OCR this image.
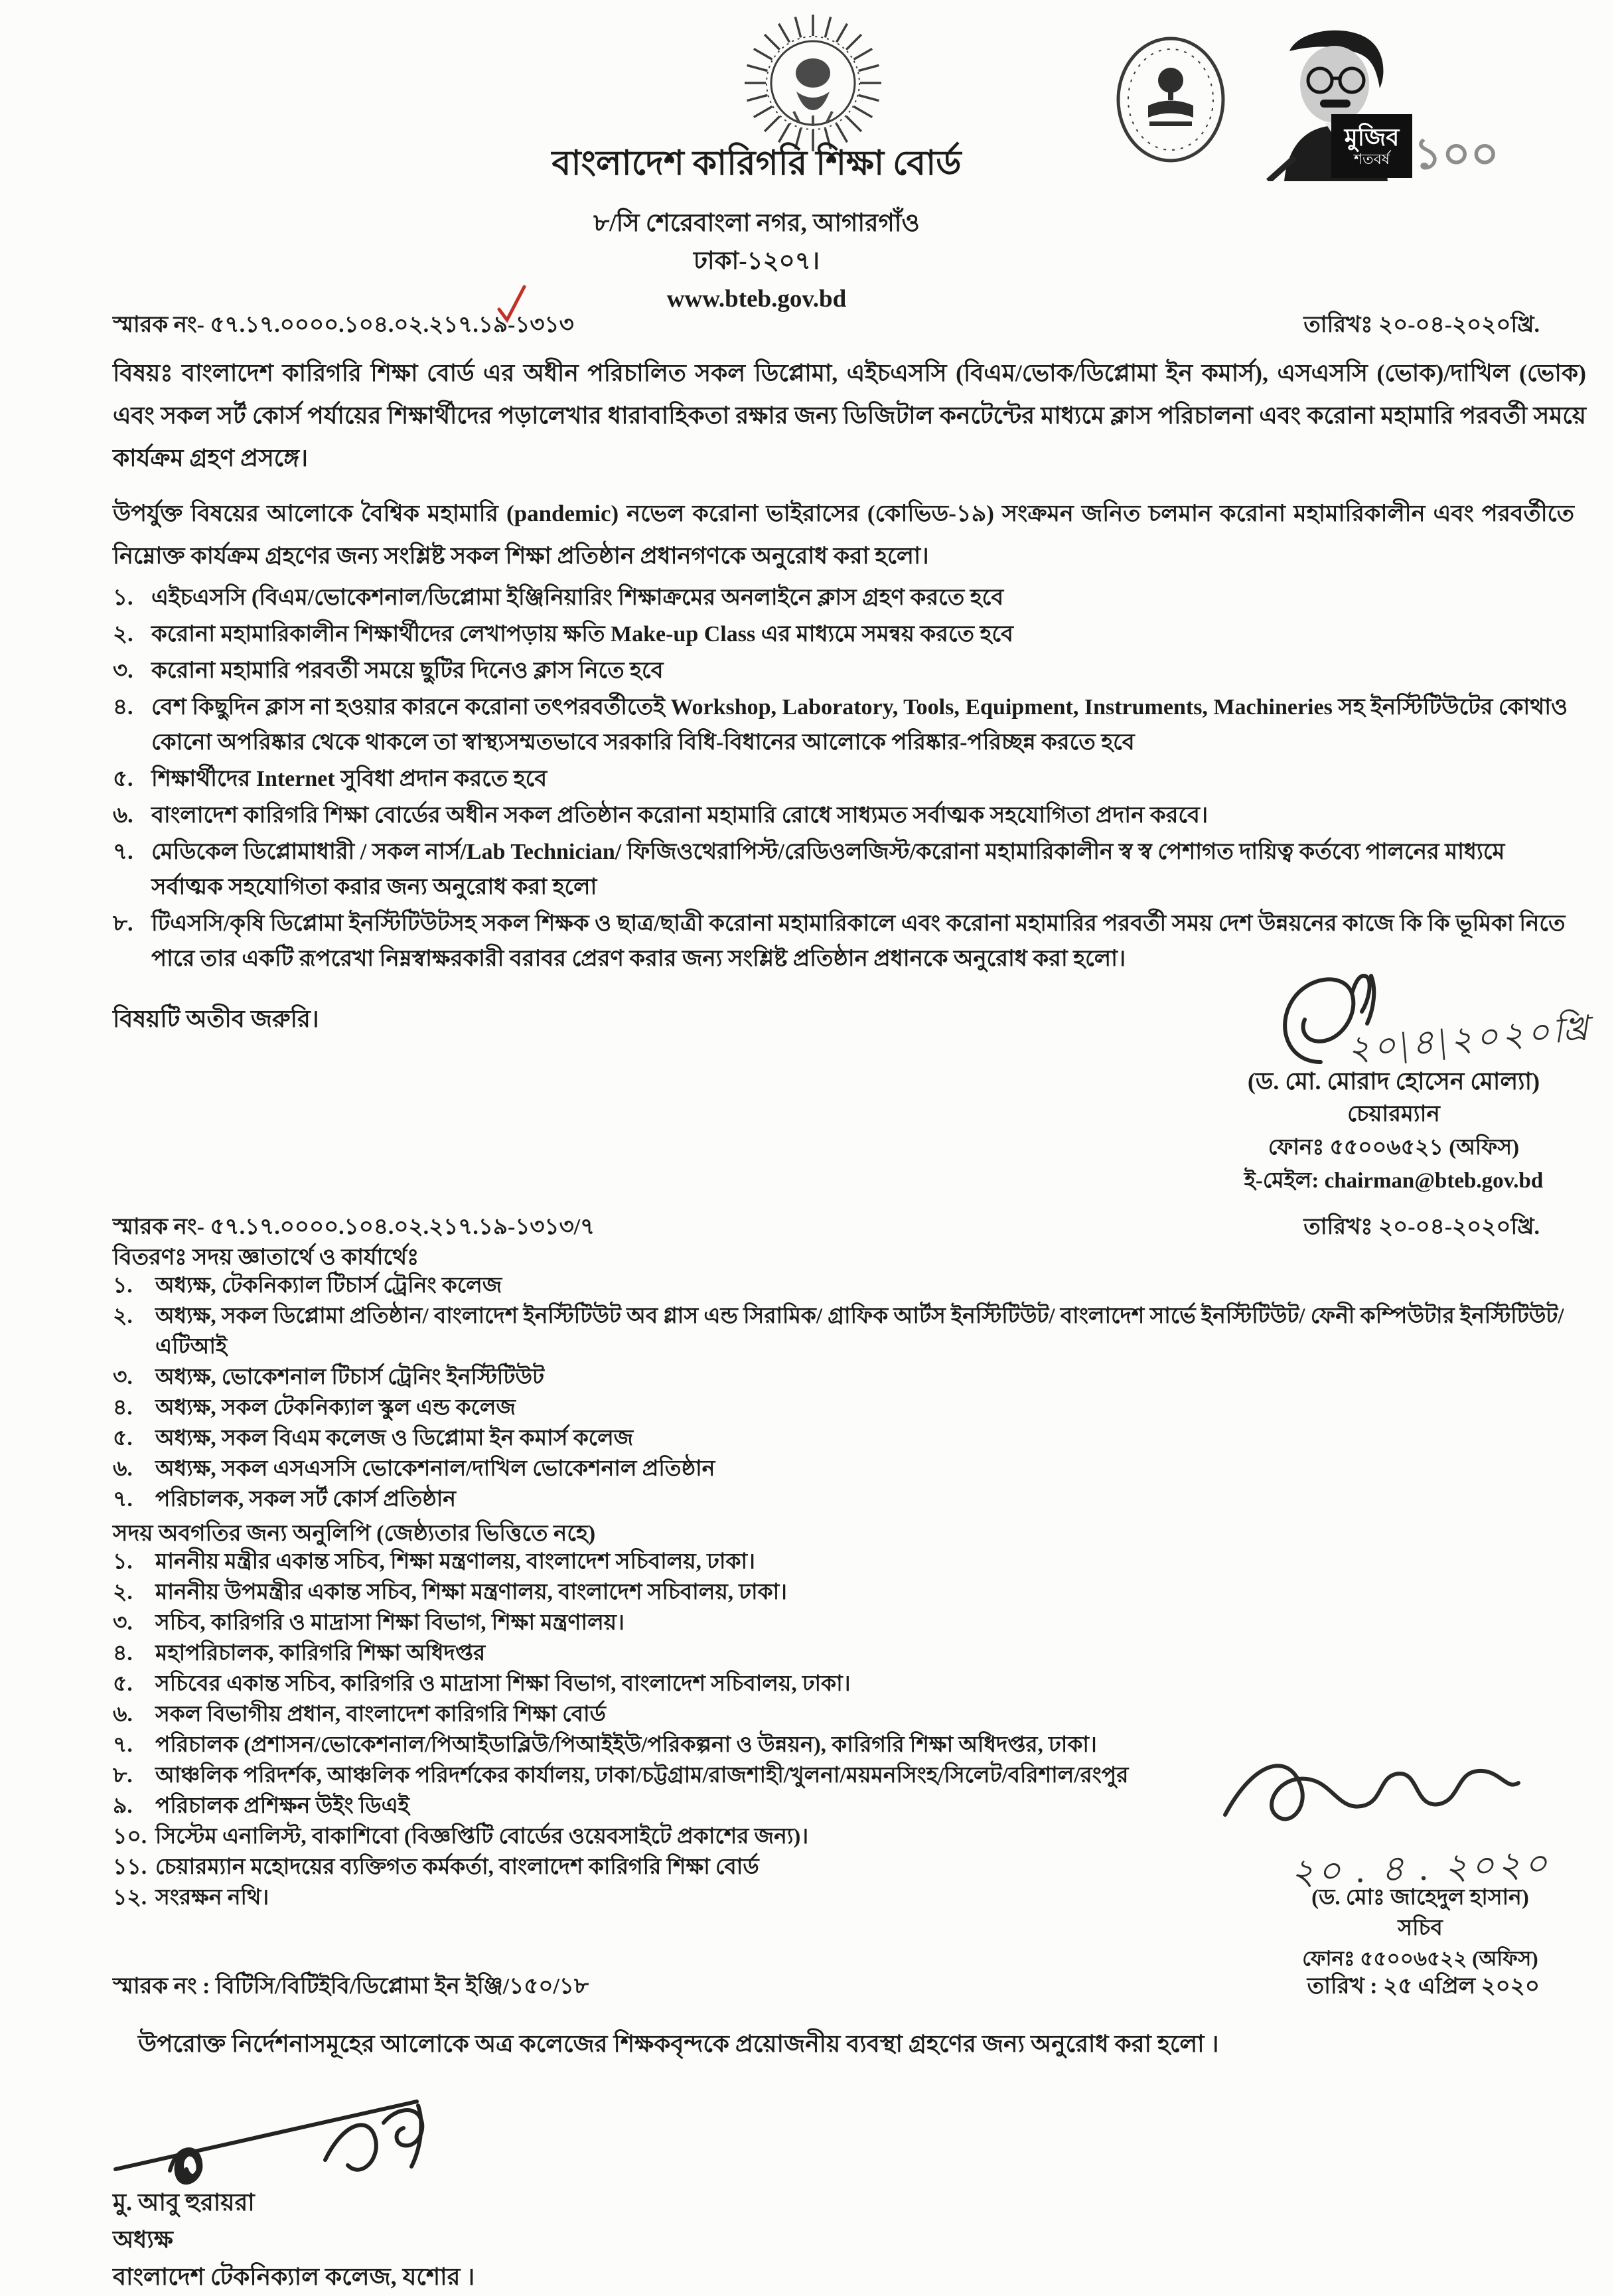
বাংলাদেশ কারিগরি শিক্ষা বোর্ড
৮/সি শেরেবাংলা নগর, আগারগাঁও
ঢাকা-১২০৭।
www.bteb.gov.bd
মুজিব
শতবর্ষ ১০০
স্মারক নং- ৫৭.১৭.০০০০.১০৪.০২.২১৭.১৯-১৩১৩	তারিখঃ ২০-০৪-২০২০খ্রি.
বিষয়ঃ বাংলাদেশ কারিগরি শিক্ষা বোর্ড এর অধীন পরিচালিত সকল ডিপ্লোমা, এইচএসসি (বিএম/ভোক/ডিপ্লোমা ইন কমার্স), এসএসসি (ভোক)/দাখিল (ভোক) এবং সকল সর্ট কোর্স পর্যায়ের শিক্ষার্থীদের পড়ালেখার ধারাবাহিকতা রক্ষার জন্য ডিজিটাল কনটেন্টের মাধ্যমে ক্লাস পরিচালনা এবং করোনা মহামারি পরবর্তী সময়ে কার্যক্রম গ্রহণ প্রসঙ্গে।
উপর্যুক্ত বিষয়ের আলোকে বৈশ্বিক মহামারি (pandemic) নভেল করোনা ভাইরাসের (কোভিড-১৯) সংক্রমন জনিত চলমান করোনা মহামারিকালীন এবং পরবর্তীতে নিম্নোক্ত কার্যক্রম গ্রহণের জন্য সংশ্লিষ্ট সকল শিক্ষা প্রতিষ্ঠান প্রধানগণকে অনুরোধ করা হলো।
১. এইচএসসি (বিএম/ভোকেশনাল/ডিপ্লোমা ইঞ্জিনিয়ারিং শিক্ষাক্রমের অনলাইনে ক্লাস গ্রহণ করতে হবে
২. করোনা মহামারিকালীন শিক্ষার্থীদের লেখাপড়ায় ক্ষতি Make-up Class এর মাধ্যমে সমন্বয় করতে হবে
৩. করোনা মহামারি পরবর্তী সময়ে ছুটির দিনেও ক্লাস নিতে হবে
৪. বেশ কিছুদিন ক্লাস না হওয়ার কারনে করোনা তৎপরবর্তীতেই Workshop, Laboratory, Tools, Equipment, Instruments, Machineries সহ ইনস্টিটিউটের কোথাও কোনো অপরিষ্কার থেকে থাকলে তা স্বাস্থ্যসম্মতভাবে সরকারি বিধি-বিধানের আলোকে পরিষ্কার-পরিচ্ছন্ন করতে হবে
৫. শিক্ষার্থীদের Internet সুবিধা প্রদান করতে হবে
৬. বাংলাদেশ কারিগরি শিক্ষা বোর্ডের অধীন সকল প্রতিষ্ঠান করোনা মহামারি রোধে সাধ্যমত সর্বাত্মক সহযোগিতা প্রদান করবে।
৭. মেডিকেল ডিপ্লোমাধারী / সকল নার্স/Lab Technician/ ফিজিওথেরাপিস্ট/রেডিওলজিস্ট/করোনা মহামারিকালীন স্ব স্ব পেশাগত দায়িত্ব কর্তব্যে পালনের মাধ্যমে সর্বাত্মক সহযোগিতা করার জন্য অনুরোধ করা হলো
৮. টিএসসি/কৃষি ডিপ্লোমা ইনস্টিটিউটসহ সকল শিক্ষক ও ছাত্র/ছাত্রী করোনা মহামারিকালে এবং করোনা মহামারির পরবর্তী সময় দেশ উন্নয়নের কাজে কি কি ভূমিকা নিতে পারে তার একটি রূপরেখা নিম্নস্বাক্ষরকারী বরাবর প্রেরণ করার জন্য সংশ্লিষ্ট প্রতিষ্ঠান প্রধানকে অনুরোধ করা হলো।
বিষয়টি অতীব জরুরি।	২০|৪|২০২০খ্রি
(ড. মো. মোরাদ হোসেন মোল্যা)
চেয়ারম্যান
ফোনঃ ৫৫০০৬৫২১ (অফিস)
ই-মেইল: chairman@bteb.gov.bd
স্মারক নং- ৫৭.১৭.০০০০.১০৪.০২.২১৭.১৯-১৩১৩/৭	তারিখঃ ২০-০৪-২০২০খ্রি.
বিতরণঃ সদয় জ্ঞাতার্থে ও কার্যার্থেঃ
১.	অধ্যক্ষ, টেকনিক্যাল টিচার্স ট্রেনিং কলেজ
২.	অধ্যক্ষ, সকল ডিপ্লোমা প্রতিষ্ঠান/ বাংলাদেশ ইনস্টিটিউট অব গ্লাস এন্ড সিরামিক/ গ্রাফিক আর্টস ইনস্টিটিউট/ বাংলাদেশ সার্ভে ইনস্টিটিউট/ ফেনী কম্পিউটার ইনস্টিটিউট/ এটিআই
৩.	অধ্যক্ষ, ভোকেশনাল টিচার্স ট্রেনিং ইনস্টিটিউট
৪.	অধ্যক্ষ, সকল টেকনিক্যাল স্কুল এন্ড কলেজ
৫.	অধ্যক্ষ, সকল বিএম কলেজ ও ডিপ্লোমা ইন কমার্স কলেজ
৬.	অধ্যক্ষ, সকল এসএসসি ভোকেশনাল/দাখিল ভোকেশনাল প্রতিষ্ঠান
৭.	পরিচালক, সকল সর্ট কোর্স প্রতিষ্ঠান
সদয় অবগতির জন্য অনুলিপি (জেষ্ঠ্যতার ভিত্তিতে নহে)
১.	মাননীয় মন্ত্রীর একান্ত সচিব, শিক্ষা মন্ত্রণালয়, বাংলাদেশ সচিবালয়, ঢাকা।
২.	মাননীয় উপমন্ত্রীর একান্ত সচিব, শিক্ষা মন্ত্রণালয়, বাংলাদেশ সচিবালয়, ঢাকা।
৩.	সচিব, কারিগরি ও মাদ্রাসা শিক্ষা বিভাগ, শিক্ষা মন্ত্রণালয়।
৪.	মহাপরিচালক, কারিগরি শিক্ষা অধিদপ্তর
৫.	সচিবের একান্ত সচিব, কারিগরি ও মাদ্রাসা শিক্ষা বিভাগ, বাংলাদেশ সচিবালয়, ঢাকা।
৬.	সকল বিভাগীয় প্রধান, বাংলাদেশ কারিগরি শিক্ষা বোর্ড
৭.	পরিচালক (প্রশাসন/ভোকেশনাল/পিআইডাব্লিউ/পিআইইউ/পরিকল্পনা ও উন্নয়ন), কারিগরি শিক্ষা অধিদপ্তর, ঢাকা।
৮.	আঞ্চলিক পরিদর্শক, আঞ্চলিক পরিদর্শকের কার্যালয়, ঢাকা/চট্টগ্রাম/রাজশাহী/খুলনা/ময়মনসিংহ/সিলেট/বরিশাল/রংপুর
৯.	পরিচালক প্রশিক্ষন উইং ডিএই
১০. সিস্টেম এনালিস্ট, বাকাশিবো (বিজ্ঞপ্তিটি বোর্ডের ওয়েবসাইটে প্রকাশের জন্য)।
১১. চেয়ারম্যান মহোদয়ের ব্যক্তিগত কর্মকর্তা, বাংলাদেশ কারিগরি শিক্ষা বোর্ড
১২. সংরক্ষন নথি।
২০ . ৪ . ২০২০
(ড. মোঃ জাহেদুল হাসান)
সচিব
ফোনঃ ৫৫০০৬৫২২ (অফিস)
স্মারক নং : বিটিসি/বিটিইবি/ডিপ্লোমা ইন ইঞ্জি/১৫০/১৮	তারিখ : ২৫ এপ্রিল ২০২০
উপরোক্ত নির্দেশনাসমূহের আলোকে অত্র কলেজের শিক্ষকবৃন্দকে প্রয়োজনীয় ব্যবস্থা গ্রহণের জন্য অনুরোধ করা হলো ।
মু. আবু হুরায়রা
অধ্যক্ষ
বাংলাদেশ টেকনিক্যাল কলেজ, যশোর ।
